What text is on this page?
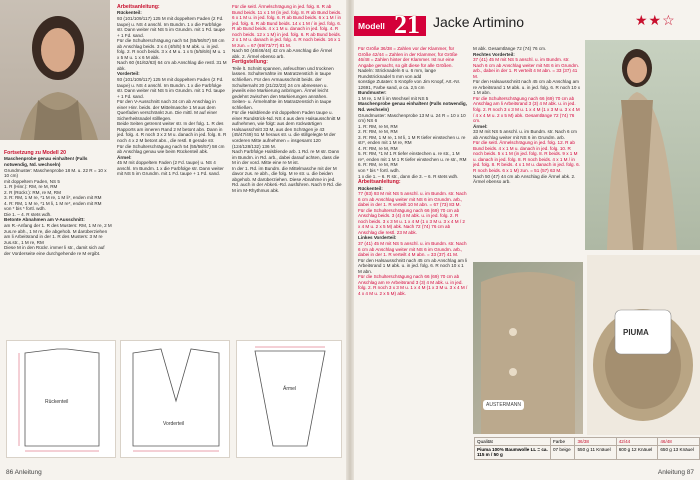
Fortsetzung zu Modell 20
Maschenprobe genau einhalten! (Falls notwendig, Nd. wechseln)
Grundmuster: Maschenprobe 18 M. u. 22 R = 10 x 10 cm)
mit doppeltem Faden, NS 5
1. R (Hinr.): RM, re M, RM
2. R (Rückr.): RM, re M, RM
3. R: RM, 1 M re, *1 M re, 1 M li*, enden mit RM
4. R: RM, 1 M re, *1 M li, 1 M re*, enden mit RM
von * bis * fortl. wdh.
Die 1. – 4. R stets wdh.
Betonte Abnahmen am V-Ausschnitt:
am R.-Anfang der 1. R des Musters: RM, 1 M re, 2 M zus.re abh., 1 M re, die abgehob. M darüberziehen
am li Arbeitsrand in der 1. R des Musters: 3 M re zus.str., 1 M re, RM
Diese M in den Rückr. immer li str., damit sich auf der Vorderseite eine durchgehende re M ergibt.
Arbeitsanleitung:
Rückenteil:
93 (101/109/117) 125 M mit doppeltem Faden (2 Fd. taupe) u. NS 4 anschl. Im Bundm. 1 x die Farbfolge str. Dann weiter mit NS 5 im Grundm. mit 1 Fd. taupe + 1 Fd. sand.
Für die Schulterschrägung nach 54 (55/56/57) 58 cm ab Anschlag beids. 3 x 4 (4/5/5) 5 M abk. u. in jed. folg. 2. R noch beids. 3 x 4 M u. 1 x 5 (5/5/6/6) M u. 1 x 5 M u. 1 x 6 M abk.
Nach 60 (61/62/63) 64 cm ab Anschlag die restl. 31 M abk.
Vorderteil:
93 (101/109/117) 125 M mit doppeltem Faden (2 Fd. taupe) u. NS 4 anschl. Im Bundm. 1 x die Farbfolge str. Dann weiter mit NS 5 im Grundm. mit 1 Fd. taupe + 1 Fd. sand.
Für den V-Ausschnitt nach 34 cm ab Anschlag in einer Hinr. beids. der Mittelmasche 1 M aus dem Querfaden verschränkt zun. Die mittl. M auf einer Sicherheitsnadel stilllegen.
Beide Seiten getrennt weiter str. In der folg. 1. R des Rapports am inneren Rand 2 M betont abn. Dann in jed. folg. 4. R noch 3 x 2 M u. danach in jed. folg. 8. R noch 4 x 2 M betont abn., die restl. 8 gerade str.
Für die Schulterschrägung nach 54 (55/56/57) 58 cm ab Anschlag genau wie beim Rückenteil abk.
Ärmel:
45 M mit doppeltem Faden (2 Fd. taupe) u. NS 4 anschl. Im Bundm. 1 x die Farbfolge str. Dann weiter mit NS 5 im Grundm. mit 1 Fd. taupe + 1 Fd. sand.
Für die seitl. Ärmelschrägung in jed. folg. 8. R ab Bund beids. 11 x 1 M (in jed. folg. 8. R ab Bund beids. 6 x 1 M u. in jed. folg. 6. R ab Bund beids. 6 x 1 M / in jed. folg. 6. R ab Bund beids. 14 x 1 M / in jed. folg. 6. R ab Bund beids. 4 x 1 M u. danach in jed. folg. 4. R noch beids. 12 x 1 M) in jed. folg. 6. R ab Bund beids. 2 x 1 M u. danach in jed. folg. 4. R noch beids. 16 x 1 M zun. = 67 (69/73/77) 81 M.
Nach 50 (48/46/44) 42 cm ab Anschlag die Ärmel abk. 2. Ärmel ebenso arb.
Fertigstellung:
Teile lt. Schnitt spannen, anfeuchten und trocknen lassen. Schulternähte im Matratzenstich in taupe schließen. Für den Armausschnitt beids. der Schulternaht 20 (21/22/23) 24 cm abmessen u. jeweils eine Markierung anbringen. Ärmel leicht gedehnt zwischen den Markierungen annähen. Seiten- u. Ärmelnähte im Matratzenstich in taupe schließen.
Für die Halsblende mit doppeltem Faden taupe u. einer Rundstrick-Nd. NS 4 aus dem Halsausschnitt M aufnehmen, wie folgt: aus dem rückwärtigen Halsausschnitt 33 M, aus den Schrägen je 43 (45/47/49) 51 M heraus str. u. die stillgelegte M der vorderen Mitte aufnehmen = insgesamt 120 (124/128/132) 136 M.
Nach Farbfolge Halsblende arb. 1 Rd. re M str. Dann im Bundm. in Rd. arb., dabei darauf achten, dass die M in der vord. Mitte eine re M ist.
In der 1. Rd. im Bundm. die Mittelmasche mit der M davor zus. re abh., die folg. M re str. u. die beiden abgehob. M darüberziehen. Diese Abnahme in jed. Rd. auch in der Abketi.-Rd. ausführen. Nach 9 Rd. die M im M-Rhythmus abk.
Rückenteil
Vorderteil
Ärmel
86 Anleitung
Modell 21 Jacke Artimino	★★☆
Für Größe 36/38 = Zahlen vor der Klammer, für Größe 42/44 = Zahlen in der Klammer, für Größe 46/48 = Zahlen hinter der Klammer. Ist nur eine Angabe gemacht, so gilt diese für alle Größen.
Nadeln: Stricknadeln 6 u. 6 mm, lange Rundstricknadel 5 mm von add
sonstige Zutaten: 5 Knöpfe von Jim Knopf, Art.-Nr. 12691, Farbe sand, ø ca. 2,5 cm
Bundmuster:
1 M re, 1 M li im Wechsel mit NS 5
Maschenprobe genau einhalten! (Falls notwendig, Nd. wechseln)
Grundmuster: Maschenprobe 13 M u. 24 R = 10 x 10 cm) NS 6
1. R: RM, re M, RM
2. R: RM, re M, RM
3. R: RM, 1 M re, 1 M li, 1 M R tiefer einstechen u. re str*, enden mit 1 M re, RM
4. R: RM, re M, RM
5. R: RM, *1 M 1 R tiefer einstechen u. re str., 1 M re*, enden mit 1 M 1 R tiefer einstechen u. re str., RM
6. R: RM, re M, RM
von * bis * fortl. wdh.
1 x die 1. – 6. R str., dann die 3. – 6. R stets wdh.
Arbeitsanleitung:
Rückenteil:
77 (83) 93 M mit NS 5 anschl. u. im Bundm. str. Nach 6 cm ab Anschlag weiter mit NS 6 im Grundm. arb., dabei in der 1. R verteilt 10 M abn. = 67 (73) 83 M.
Für die Schulterschrägung nach 66 (69) 70 cm ab Anschlag beids. 3 (4) 4 M abk. u. in jed. folg. 2. R noch beids. 3 x 3 M u. 1 x 4 M (1 x 3 M u. 3 x 4 M / 2 x 4 M u. 2 x 5 M) abk. Nach 72 (74) 76 cm ab Anschlag die restl. 23 M abk.
Linkes Vorderteil:
37 (41) 45 M mit NS 5 anschl. u. im Bundm. str. Nach 6 cm ab Anschlag weiter mit NS 6 im Grundm. arb., dabei in der 1. R verteilt 4 M abn. = 33 (37) 41 M.
Für den Halsausschnitt nach 45 cm ab Anschlag am li Arbeitsrand 1 M abk. u. in jed. folg. 6. R noch 10 x 1 M abn.
Für die Schulterschrägung nach 66 (69) 70 cm ab Anschlag am re Arbeitsrand 3 (3) 4 M abk. u. in jed. folg. 2. R noch 3 x 3 M u. 1 x 4 M (1 x 3 M u. 3 x 4 M / 4 x 4 M u. 2 x 5 M) abk.
M abk. Gesamtlänge 72 (74) 76 cm.
Rechtes Vorderteil:
37 (41) 45 M mit NS 5 anschl. u. im Bundm. str. Nach 6 cm ab Anschlag weiter mit NS 6 im Grundm. arb., dabei in der 1. R verteilt 4 M abn. = 33 (37) 41 M.
Für den Halsausschnitt nach 45 cm ab Anschlag am re Arbeitsrand 1 M abk. u. in jed. folg. 6. R noch 10 x 1 M abn.
Für die Schulterschrägung nach 66 (69) 70 cm ab Anschlag am li Arbeitsrand 3 (3) 4 M abk. u. in jed. folg. 2. R noch 3 x 3 M u. 1 x 4 M (1 x 3 M u. 3 x 4 M / 4 x 4 M u. 2 x 5 M) abk. Gesamtlänge 72 (74) 76 cm.
Ärmel:
33 M mit NS 5 anschl. u. im Bundm. str. Nach 6 cm ab Anschlag weiter mit NS 6 im Grundm. arb.
Für die seitl. Ärmelschrägung in jed. folg. 12. R ab Bund beids. 4 x 1 M u. danach in jed. folg. 10. R noch beids. 5 x 1 M (in jed. folg. 8. R beids. 9 x 1 M u. danach in jed. folg. 8. R noch beids. 4 x 1 M / in jed. folg. 8. R beids. 4 x 1 M u. danach in jed. folg. 6. R noch beids. 6 x 1 M) zun. = 51 (57) 63 M.
Nach 50 (47) 44 cm ab Anschlag die Ärmel abk. 2. Ärmel ebenso arb.
AUSTERMANN
PIUMA
Qualität	Farbe	36/38	42/44	46/48
Piuma 100% Baumwolle LL = ca. 115 m / 50 g	07 beige	550 g 11 Knäuel	600 g 12 Knäuel	650 g 13 Knäuel
Anleitung 87
